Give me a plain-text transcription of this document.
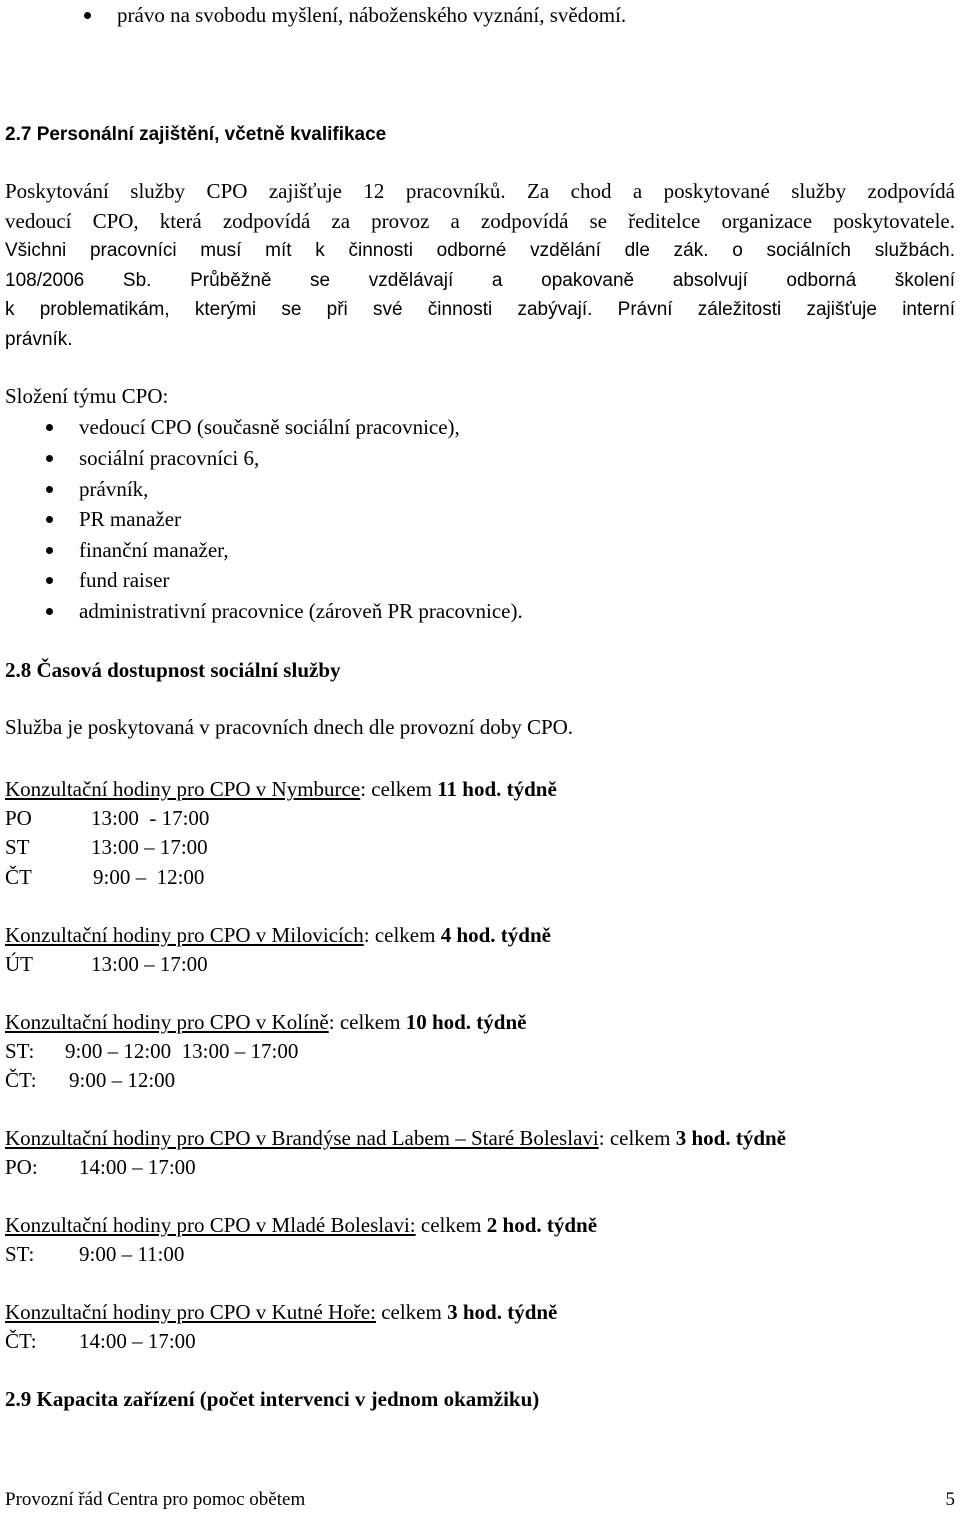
právo na svobodu myšlení, náboženského vyznání, svědomí.
2.7 Personální zajištění, včetně kvalifikace
Poskytování služby CPO zajišťuje 12 pracovníků. Za chod a poskytované služby zodpovídá
vedoucí CPO, která zodpovídá za provoz a zodpovídá se ředitelce organizace poskytovatele.
Všichni pracovníci musí mít k činnosti odborné vzdělání dle zák. o sociálních službách.
108/2006 Sb. Průběžně se vzdělávají a opakovaně absolvují odborná školení
k problematikám, kterými se při své činnosti zabývají. Právní záležitosti zajišťuje interní
právník.
Složení týmu CPO:
vedoucí CPO (současně sociální pracovnice),
sociální pracovníci 6,
právník,
PR manažer
finanční manažer,
fund raiser
administrativní pracovnice (zároveň PR pracovnice).
2.8 Časová dostupnost sociální služby
Služba je poskytovaná v pracovních dnech dle provozní doby CPO.
Konzultační hodiny pro CPO v Nymburce: celkem 11 hod. týdně
PO	13:00  - 17:00
ST	13:00 – 17:00
ČT	9:00 –  12:00
Konzultační hodiny pro CPO v Milovicích: celkem 4 hod. týdně
ÚT	13:00 – 17:00
Konzultační hodiny pro CPO v Kolíně: celkem 10 hod. týdně
ST: 9:00 – 12:00  13:00 – 17:00
ČT: 9:00 – 12:00
Konzultační hodiny pro CPO v Brandýse nad Labem – Staré Boleslavi: celkem 3 hod. týdně
PO: 14:00 – 17:00
Konzultační hodiny pro CPO v Mladé Boleslavi: celkem 2 hod. týdně
ST: 9:00 – 11:00
Konzultační hodiny pro CPO v Kutné Hoře: celkem 3 hod. týdně
ČT: 14:00 – 17:00
2.9 Kapacita zařízení (počet intervenci v jednom okamžiku)
Provozní řád Centra pro pomoc obětem	5
